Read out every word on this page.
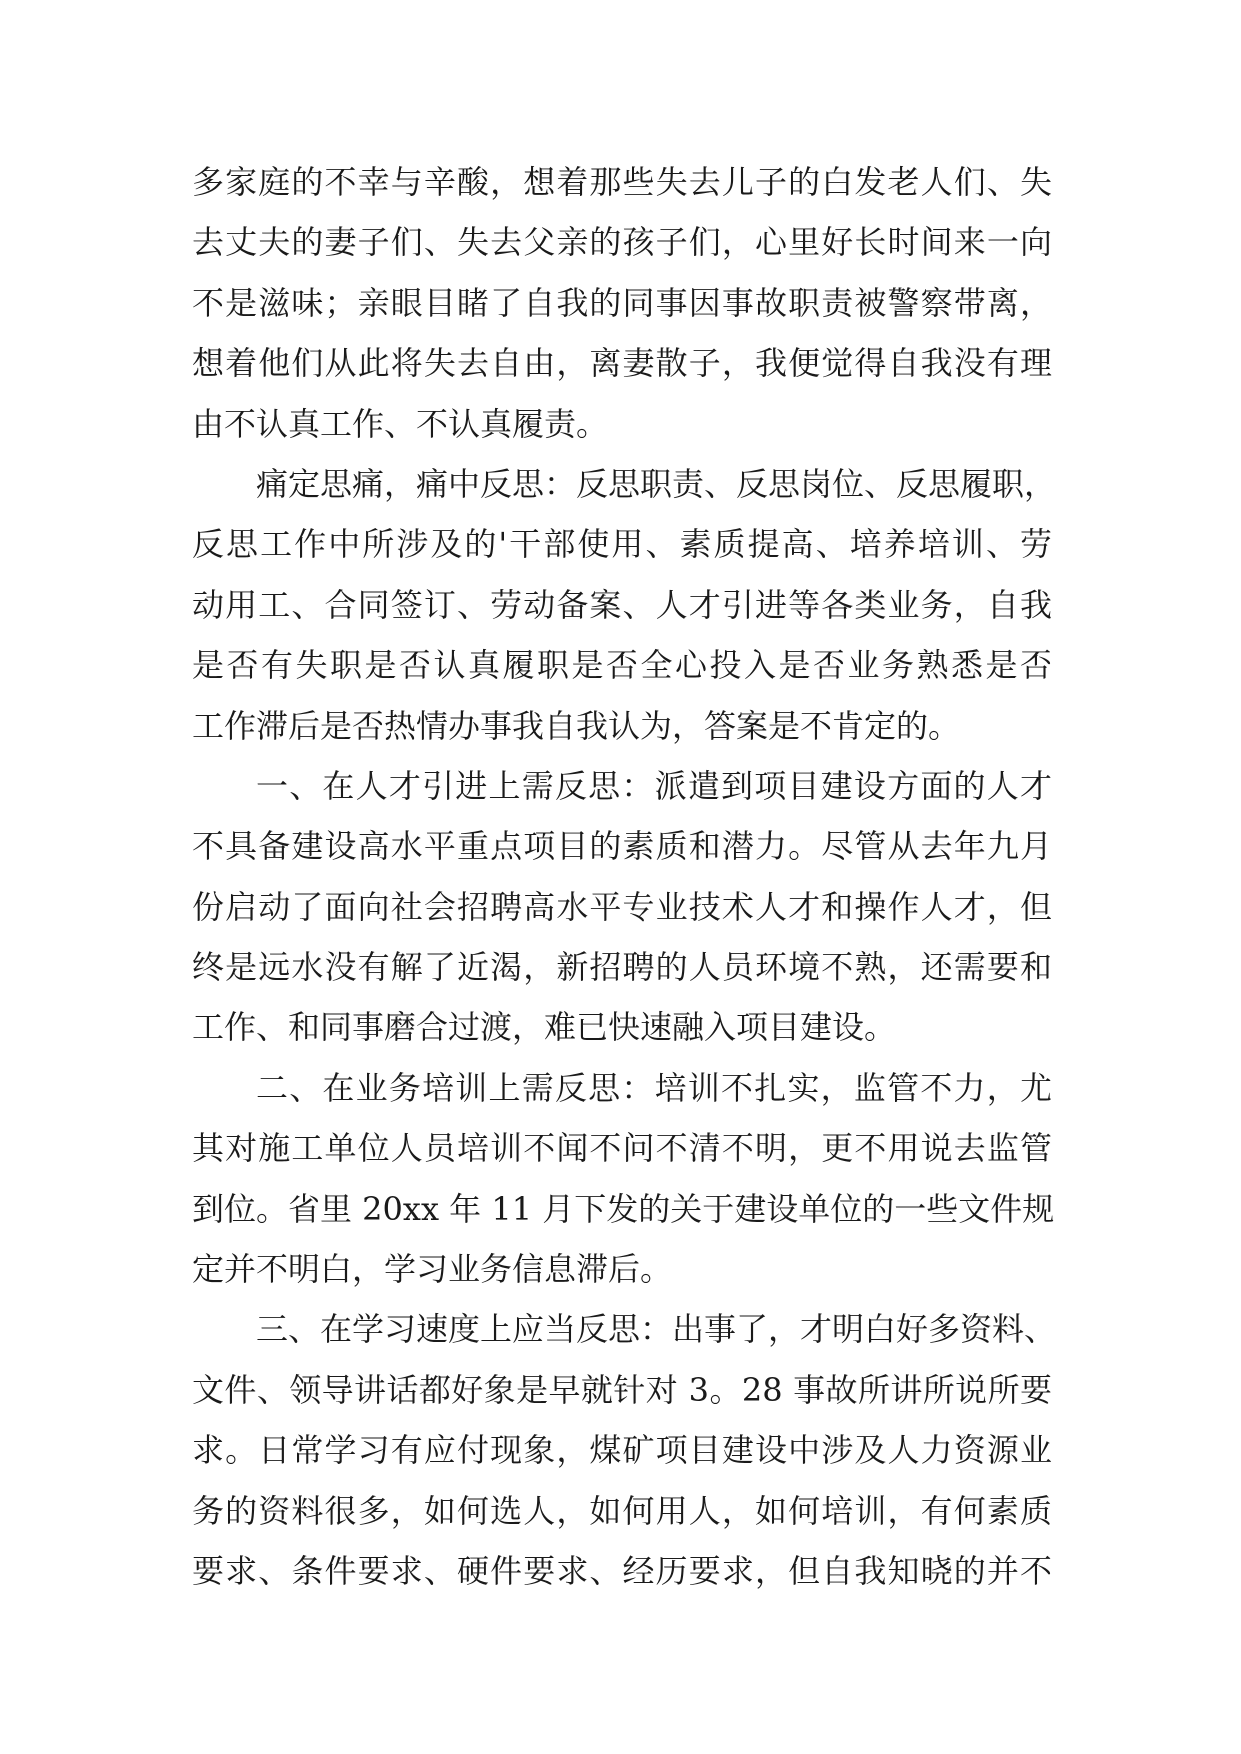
多家庭的不幸与辛酸，想着那些失去儿子的白发老人们、失
去丈夫的妻子们、失去父亲的孩子们，心里好长时间来一向
不是滋味；亲眼目睹了自我的同事因事故职责被警察带离，
想着他们从此将失去自由，离妻散子，我便觉得自我没有理
由不认真工作、不认真履责。
痛定思痛，痛中反思：反思职责、反思岗位、反思履职，
反思工作中所涉及的'干部使用、素质提高、培养培训、劳
动用工、合同签订、劳动备案、人才引进等各类业务，自我
是否有失职是否认真履职是否全心投入是否业务熟悉是否
工作滞后是否热情办事我自我认为，答案是不肯定的。
一、在人才引进上需反思：派遣到项目建设方面的人才
不具备建设高水平重点项目的素质和潜力。尽管从去年九月
份启动了面向社会招聘高水平专业技术人才和操作人才，但
终是远水没有解了近渴，新招聘的人员环境不熟，还需要和
工作、和同事磨合过渡，难已快速融入项目建设。
二、在业务培训上需反思：培训不扎实，监管不力，尤
其对施工单位人员培训不闻不问不清不明，更不用说去监管
到位。省里 20xx 年 11 月下发的关于建设单位的一些文件规
定并不明白，学习业务信息滞后。
三、在学习速度上应当反思：出事了，才明白好多资料、
文件、领导讲话都好象是早就针对 3。28 事故所讲所说所要
求。日常学习有应付现象，煤矿项目建设中涉及人力资源业
务的资料很多，如何选人，如何用人，如何培训，有何素质
要求、条件要求、硬件要求、经历要求，但自我知晓的并不
